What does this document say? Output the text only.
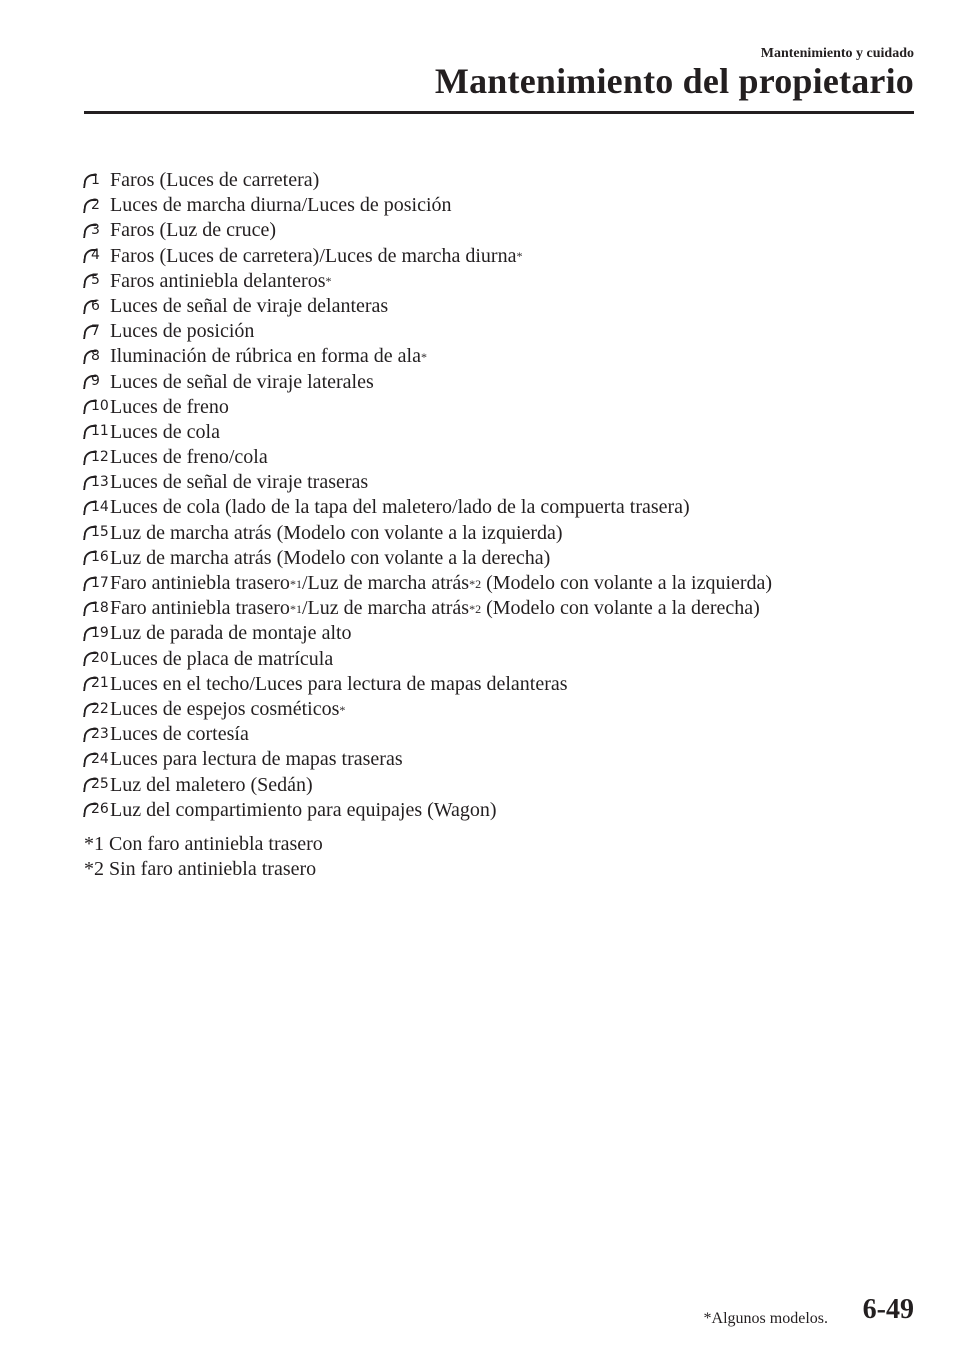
Mantenimiento y cuidado
Mantenimiento del propietario
1 Faros (Luces de carretera)
2 Luces de marcha diurna/Luces de posición
3 Faros (Luz de cruce)
4 Faros (Luces de carretera)/Luces de marcha diurna *
5 Faros antiniebla delanteros *
6 Luces de señal de viraje delanteras
7 Luces de posición
8 Iluminación de rúbrica en forma de ala *
9 Luces de señal de viraje laterales
10 Luces de freno
11 Luces de cola
12 Luces de freno/cola
13 Luces de señal de viraje traseras
14 Luces de cola (lado de la tapa del maletero/lado de la compuerta trasera)
15 Luz de marcha atrás (Modelo con volante a la izquierda)
16 Luz de marcha atrás (Modelo con volante a la derecha)
17 Faro antiniebla trasero *1 /Luz de marcha atrás *2 (Modelo con volante a la izquierda)
18 Faro antiniebla trasero *1 /Luz de marcha atrás *2 (Modelo con volante a la derecha)
19 Luz de parada de montaje alto
20 Luces de placa de matrícula
21 Luces en el techo/Luces para lectura de mapas delanteras
22 Luces de espejos cosméticos *
23 Luces de cortesía
24 Luces para lectura de mapas traseras
25 Luz del maletero (Sedán)
26 Luz del compartimiento para equipajes (Wagon)
*1 Con faro antiniebla trasero
*2 Sin faro antiniebla trasero
*Algunos modelos. 6-49
